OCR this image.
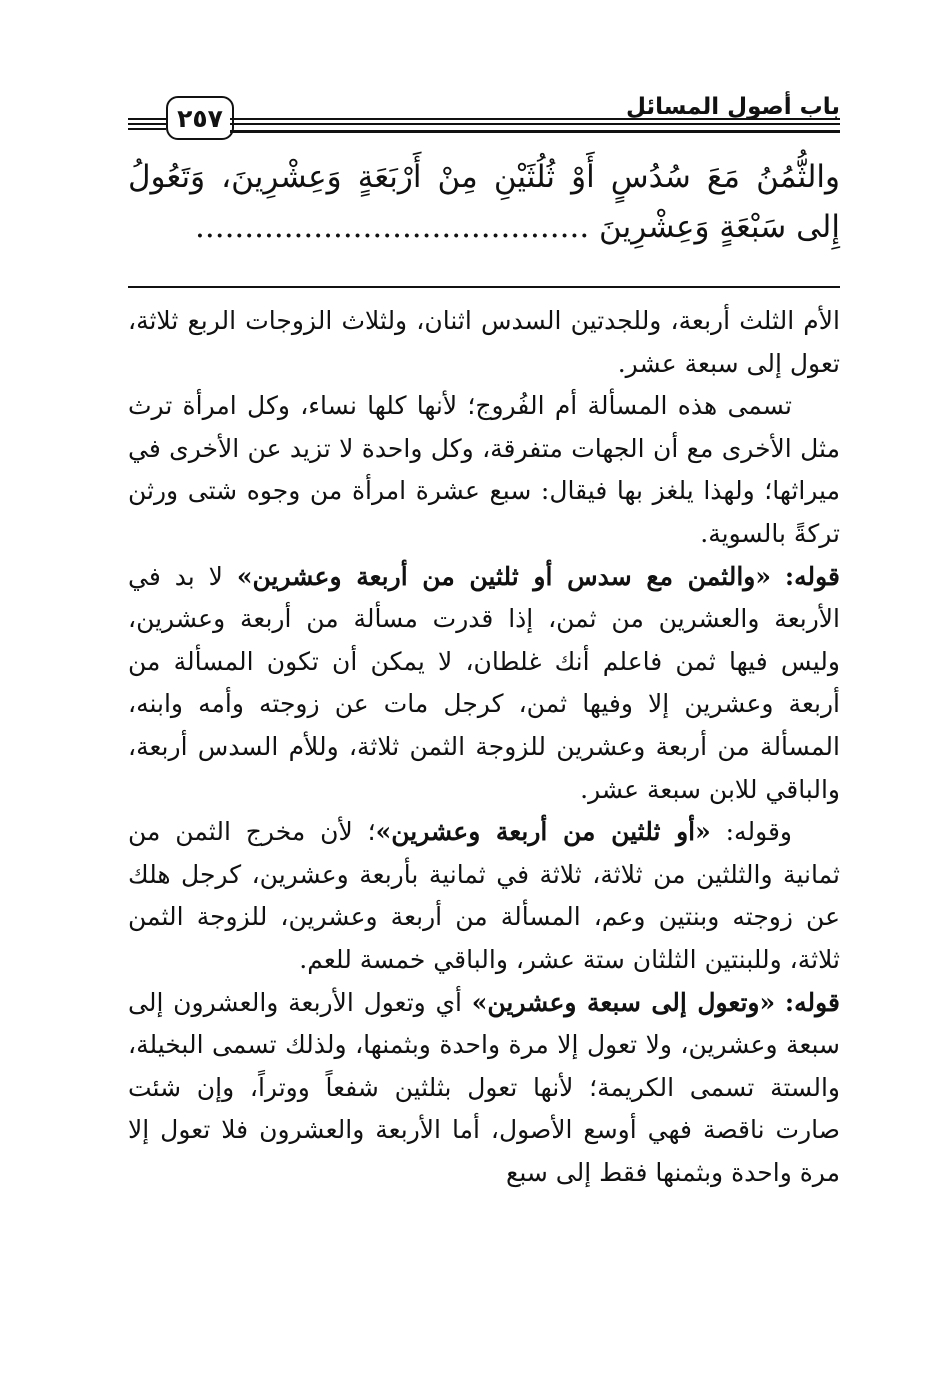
٢٥٧	باب أصول المسائل
والثُّمُنُ مَعَ سُدُسٍ أَوْ ثُلُثَيْنِ مِنْ أَرْبَعَةٍ وَعِشْرِينَ، وَتَعُولُ إِلى سَبْعَةٍ وَعِشْرِينَ ........................................

الأم الثلث أربعة، وللجدتين السدس اثنان، ولثلاث الزوجات الربع ثلاثة، تعول إلى سبعة عشر.

تسمى هذه المسألة أم الفُروج؛ لأنها كلها نساء، وكل امرأة ترث مثل الأخرى مع أن الجهات متفرقة، وكل واحدة لا تزيد عن الأخرى في ميراثها؛ ولهذا يلغز بها فيقال: سبع عشرة امرأة من وجوه شتى ورثن تركةً بالسوية.

قوله: «والثمن مع سدس أو ثلثين من أربعة وعشرين» لا بد في الأربعة والعشرين من ثمن، إذا قدرت مسألة من أربعة وعشرين، وليس فيها ثمن فاعلم أنك غلطان، لا يمكن أن تكون المسألة من أربعة وعشرين إلا وفيها ثمن، كرجل مات عن زوجته وأمه وابنه، المسألة من أربعة وعشرين للزوجة الثمن ثلاثة، وللأم السدس أربعة، والباقي للابن سبعة عشر.

وقوله: «أو ثلثين من أربعة وعشرين»؛ لأن مخرج الثمن من ثمانية والثلثين من ثلاثة، ثلاثة في ثمانية بأربعة وعشرين، كرجل هلك عن زوجته وبنتين وعم، المسألة من أربعة وعشرين، للزوجة الثمن ثلاثة، وللبنتين الثلثان ستة عشر، والباقي خمسة للعم.

قوله: «وتعول إلى سبعة وعشرين» أي وتعول الأربعة والعشرون إلى سبعة وعشرين، ولا تعول إلا مرة واحدة وبثمنها، ولذلك تسمى البخيلة، والستة تسمى الكريمة؛ لأنها تعول بثلثين شفعاً ووتراً، وإن شئت صارت ناقصة فهي أوسع الأصول، أما الأربعة والعشرون فلا تعول إلا مرة واحدة وبثمنها فقط إلى سبع
